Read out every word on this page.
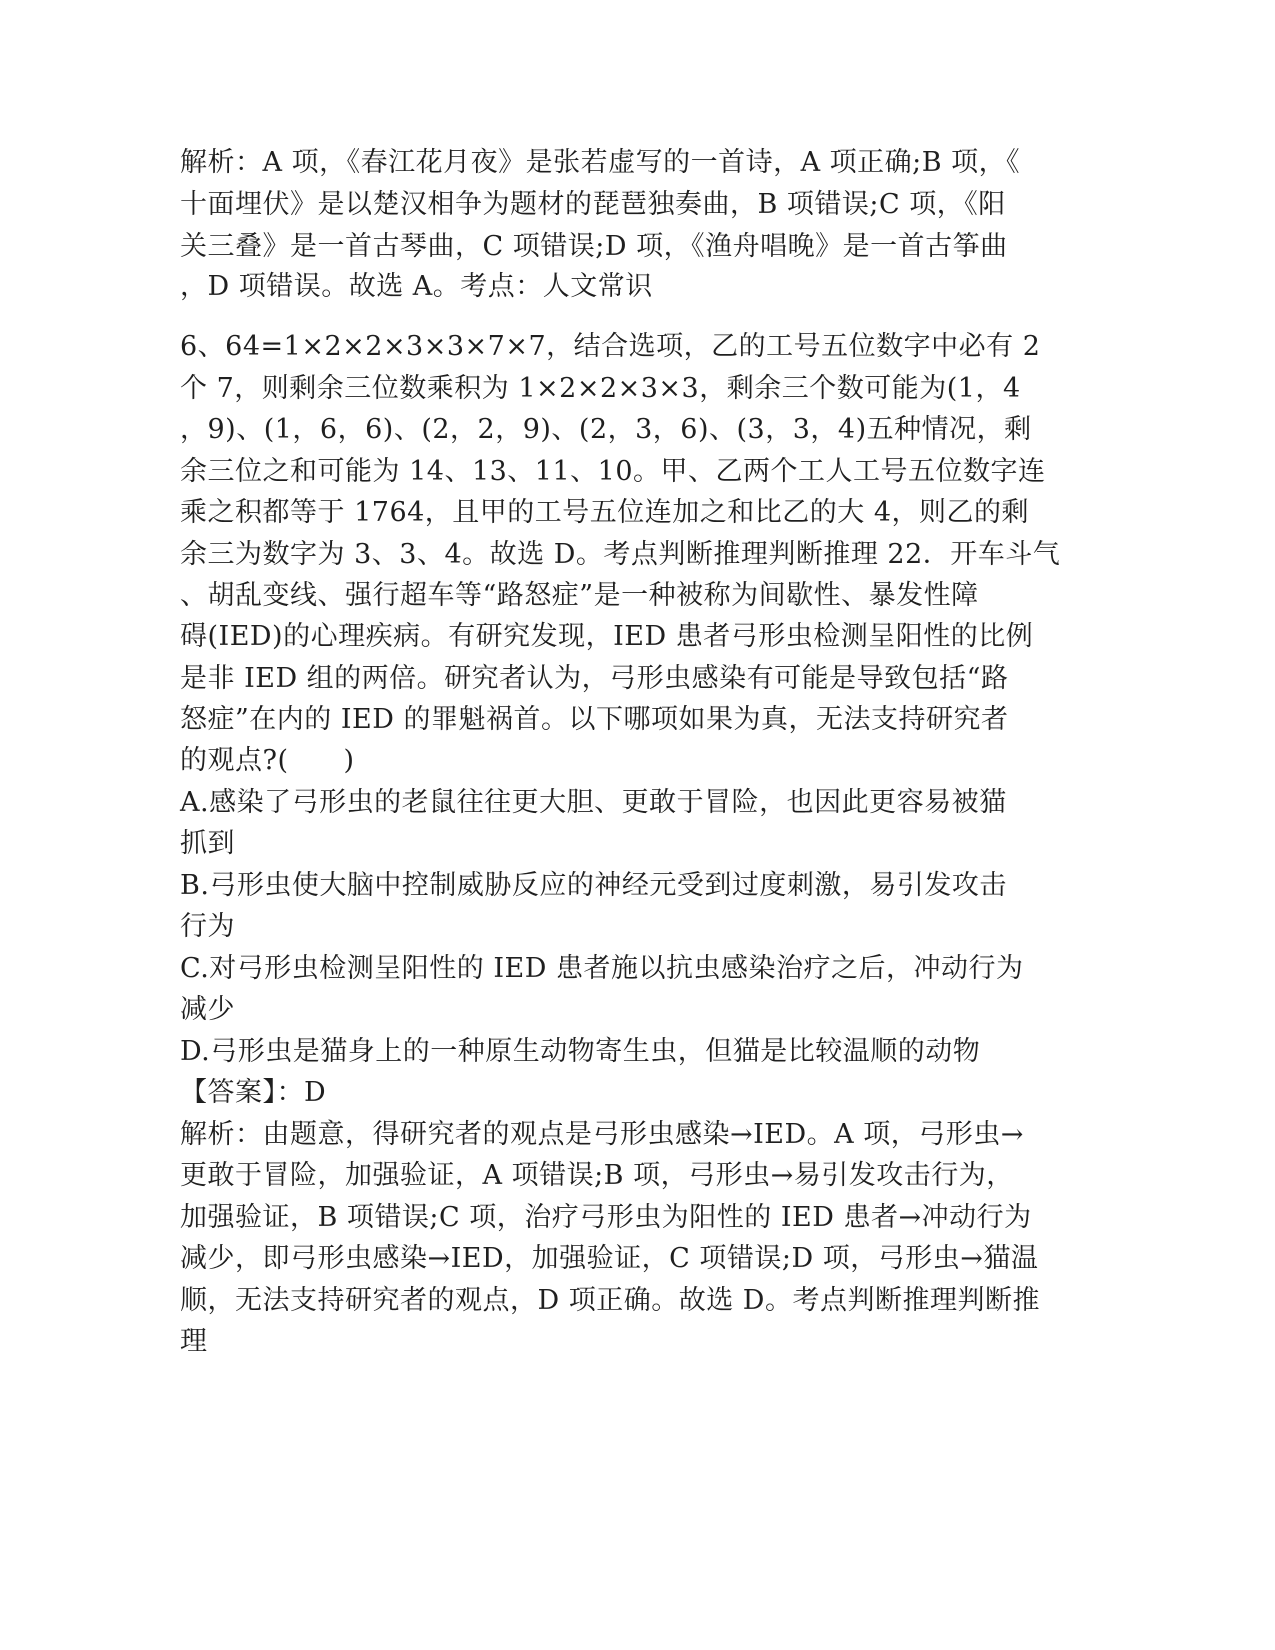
解析：A 项，《春江花月夜》是张若虚写的一首诗，A 项正确;B 项，《
十面埋伏》是以楚汉相争为题材的琵琶独奏曲，B 项错误;C 项，《阳
关三叠》是一首古琴曲，C 项错误;D 项，《渔舟唱晚》是一首古筝曲
，D 项错误。故选 A。考点：人文常识
6、64=1×2×2×3×3×7×7，结合选项，乙的工号五位数字中必有 2
个 7，则剩余三位数乘积为 1×2×2×3×3，剩余三个数可能为(1，4
，9)、(1，6，6)、(2，2，9)、(2，3，6)、(3，3，4)五种情况，剩
余三位之和可能为 14、13、11、10。甲、乙两个工人工号五位数字连
乘之积都等于 1764，且甲的工号五位连加之和比乙的大 4，则乙的剩
余三为数字为 3、3、4。故选 D。考点判断推理判断推理 22．开车斗气
、胡乱变线、强行超车等“路怒症”是一种被称为间歇性、暴发性障
碍(IED)的心理疾病。有研究发现，IED 患者弓形虫检测呈阳性的比例
是非 IED 组的两倍。研究者认为，弓形虫感染有可能是导致包括“路
怒症”在内的 IED 的罪魁祸首。以下哪项如果为真，无法支持研究者
的观点?(　　)
A.感染了弓形虫的老鼠往往更大胆、更敢于冒险，也因此更容易被猫
抓到
B.弓形虫使大脑中控制威胁反应的神经元受到过度刺激，易引发攻击
行为
C.对弓形虫检测呈阳性的 IED 患者施以抗虫感染治疗之后，冲动行为
减少
D.弓形虫是猫身上的一种原生动物寄生虫，但猫是比较温顺的动物
【答案】：D
解析：由题意，得研究者的观点是弓形虫感染→IED。A 项，弓形虫→
更敢于冒险，加强验证，A 项错误;B 项，弓形虫→易引发攻击行为，
加强验证，B 项错误;C 项，治疗弓形虫为阳性的 IED 患者→冲动行为
减少，即弓形虫感染→IED，加强验证，C 项错误;D 项，弓形虫→猫温
顺，无法支持研究者的观点，D 项正确。故选 D。考点判断推理判断推
理
